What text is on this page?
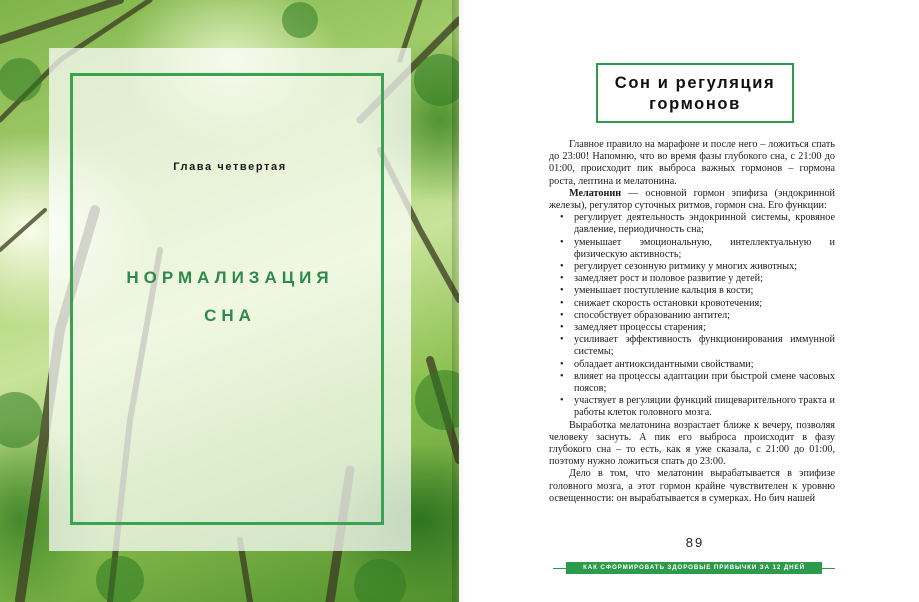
Глава четвертая
НОРМАЛИЗАЦИЯ
СНА
Сон и регуляция
гормонов

Главное правило на марафоне и после него – ложиться спать до 23:00! Напомню, что во время фазы глубокого сна, с 21:00 до 01:00, происходит пик выброса важных гормонов – гормона роста, лептина и мелатонина.

Мелатонин — основной гормон эпифиза (эндокринной железы), регулятор суточных ритмов, гормон сна. Его функции:

• регулирует деятельность эндокринной системы, кровяное давление, периодичность сна;
• уменьшает эмоциональную, интеллектуальную и физическую активность;
• регулирует сезонную ритмику у многих животных;
• замедляет рост и половое развитие у детей;
• уменьшает поступление кальция в кости;
• снижает скорость остановки кровотечения;
• способствует образованию антител;
• замедляет процессы старения;
• усиливает эффективность функционирования иммунной системы;
• обладает антиоксидантными свойствами;
• влияет на процессы адаптации при быстрой смене часовых поясов;
• участвует в регуляции функций пищеварительного тракта и работы клеток головного мозга.

Выработка мелатонина возрастает ближе к вечеру, позволяя человеку заснуть. А пик его выброса происходит в фазу глубокого сна – то есть, как я уже сказала, с 21:00 до 01:00, поэтому нужно ложиться спать до 23:00.

Дело в том, что мелатонин вырабатывается в эпифизе головного мозга, а этот гормон крайне чувствителен к уровню освещенности: он вырабатывается в сумерках. Но бич нашей

89
КАК СФОРМИРОВАТЬ ЗДОРОВЫЕ ПРИВЫЧКИ ЗА 12 ДНЕЙ
